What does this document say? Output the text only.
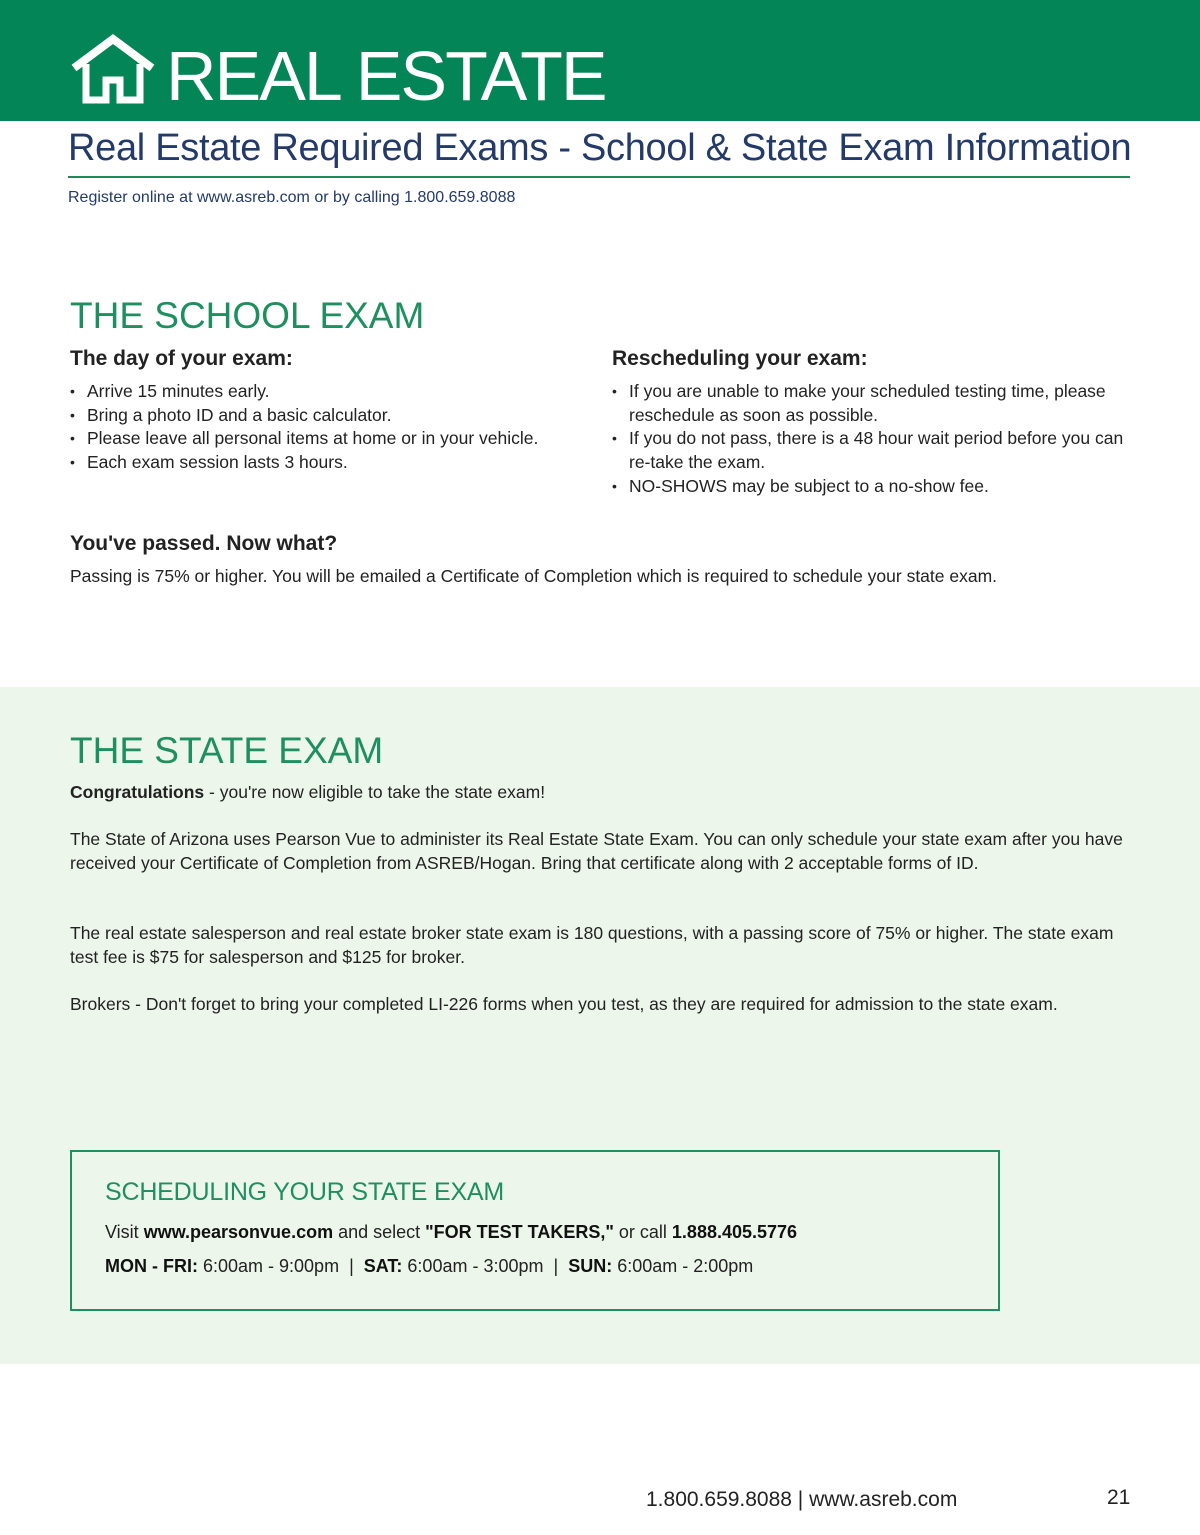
REAL ESTATE
Real Estate Required Exams - School & State Exam Information
Register online at www.asreb.com or by calling 1.800.659.8088
THE SCHOOL EXAM
The day of your exam:
• Arrive 15 minutes early.
• Bring a photo ID and a basic calculator.
• Please leave all personal items at home or in your vehicle.
• Each exam session lasts 3 hours.
Rescheduling your exam:
• If you are unable to make your scheduled testing time, please reschedule as soon as possible.
• If you do not pass, there is a 48 hour wait period before you can re-take the exam.
• NO-SHOWS may be subject to a no-show fee.
You've passed. Now what?
Passing is 75% or higher. You will be emailed a Certificate of Completion which is required to schedule your state exam.
THE STATE EXAM
Congratulations - you're now eligible to take the state exam!
The State of Arizona uses Pearson Vue to administer its Real Estate State Exam. You can only schedule your state exam after you have received your Certificate of Completion from ASREB/Hogan. Bring that certificate along with 2 acceptable forms of ID.
The real estate salesperson and real estate broker state exam is 180 questions, with a passing score of 75% or higher. The state exam test fee is $75 for salesperson and $125 for broker.
Brokers - Don't forget to bring your completed LI-226 forms when you test, as they are required for admission to the state exam.
SCHEDULING YOUR STATE EXAM
Visit www.pearsonvue.com and select "FOR TEST TAKERS," or call 1.888.405.5776
MON - FRI: 6:00am - 9:00pm  |  SAT: 6:00am - 3:00pm  |  SUN: 6:00am - 2:00pm
1.800.659.8088 | www.asreb.com	21
